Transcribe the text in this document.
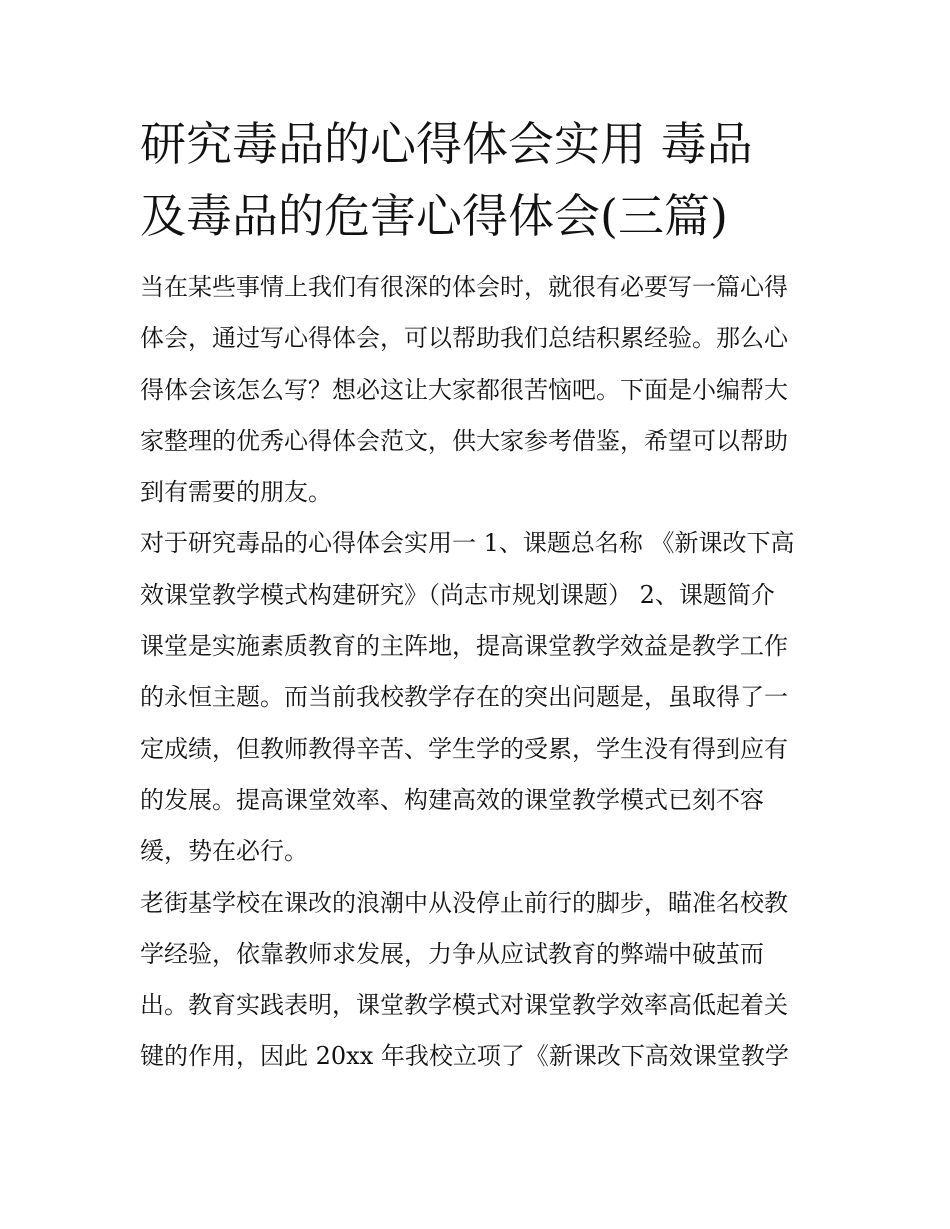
研究毒品的心得体会实用 毒品
及毒品的危害心得体会(三篇)

当在某些事情上我们有很深的体会时，就很有必要写一篇心得
体会，通过写心得体会，可以帮助我们总结积累经验。那么心
得体会该怎么写？想必这让大家都很苦恼吧。下面是小编帮大
家整理的优秀心得体会范文，供大家参考借鉴，希望可以帮助
到有需要的朋友。

对于研究毒品的心得体会实用一 1、课题总名称 《新课改下高
效课堂教学模式构建研究》（尚志市规划课题） 2、课题简介
课堂是实施素质教育的主阵地，提高课堂教学效益是教学工作
的永恒主题。而当前我校教学存在的突出问题是，虽取得了一
定成绩，但教师教得辛苦、学生学的受累，学生没有得到应有
的发展。提高课堂效率、构建高效的课堂教学模式已刻不容
缓，势在必行。

老街基学校在课改的浪潮中从没停止前行的脚步，瞄准名校教
学经验，依靠教师求发展，力争从应试教育的弊端中破茧而
出。教育实践表明，课堂教学模式对课堂教学效率高低起着关
键的作用，因此 20xx 年我校立项了《新课改下高效课堂教学
